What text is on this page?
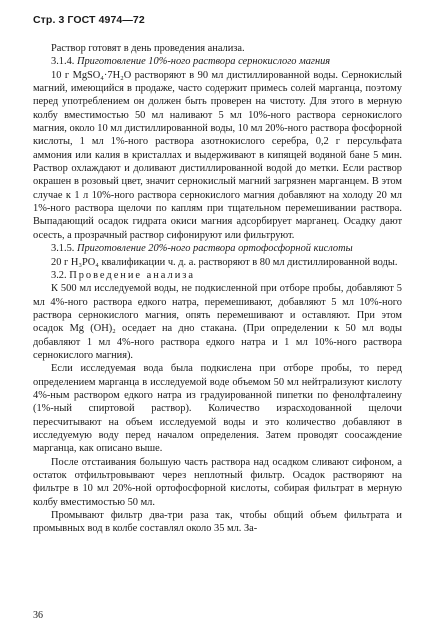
Стр. 3 ГОСТ 4974—72

Раствор готовят в день проведения анализа.

3.1.4. Приготовление 10%-ного раствора сернокислого магния

10 г MgSO₄·7H₂O растворяют в 90 мл дистиллированной воды. Сернокислый магний, имеющийся в продаже, часто содержит примесь солей марганца, поэтому перед употреблением он должен быть проверен на чистоту. Для этого в мерную колбу вместимостью 50 мл наливают 5 мл 10%-ного раствора сернокислого магния, около 10 мл дистиллированной воды, 10 мл 20%-ного раствора фосфорной кислоты, 1 мл 1%-ного раствора азотнокислого серебра, 0,2 г персульфата аммония или калия в кристаллах и выдерживают в кипящей водяной бане 5 мин. Раствор охлаждают и доливают дистиллированной водой до метки. Если раствор окрашен в розовый цвет, значит сернокислый магний загрязнен марганцем. В этом случае к 1 л 10%-ного раствора сернокислого магния добавляют на холоду 20 мл 1%-ного раствора щелочи по каплям при тщательном перемешивании раствора. Выпадающий осадок гидрата окиси магния адсорбирует марганец. Осадку дают осесть, а прозрачный раствор сифонируют или фильтруют.

3.1.5. Приготовление 20%-ного раствора ортофосфорной кислоты

20 г H₃PO₄ квалификации ч. д. а. растворяют в 80 мл дистиллированной воды.

3.2. Проведение анализа

К 500 мл исследуемой воды, не подкисленной при отборе пробы, добавляют 5 мл 4%-ного раствора едкого натра, перемешивают, добавляют 5 мл 10%-ного раствора сернокислого магния, опять перемешивают и оставляют. При этом осадок Mg (OH)₂ оседает на дно стакана. (При определении к 50 мл воды добавляют 1 мл 4%-ного раствора едкого натра и 1 мл 10%-ного раствора сернокислого магния).

Если исследуемая вода была подкислена при отборе пробы, то перед определением марганца в исследуемой воде объемом 50 мл нейтрализуют кислоту 4%-ным раствором едкого натра из градуированной пипетки по фенолфталеину (1%-ный спиртовой раствор). Количество израсходованной щелочи пересчитывают на объем исследуемой воды и это количество добавляют в исследуемую воду перед началом определения. Затем проводят соосаждение марганца, как описано выше.

После отстаивания большую часть раствора над осадком сливают сифоном, а остаток отфильтровывают через неплотный фильтр. Осадок растворяют на фильтре в 10 мл 20%-ной ортофосфорной кислоты, собирая фильтрат в мерную колбу вместимостью 50 мл.

Промывают фильтр два-три раза так, чтобы общий объем фильтрата и промывных вод в колбе составлял около 35 мл. За-

36
